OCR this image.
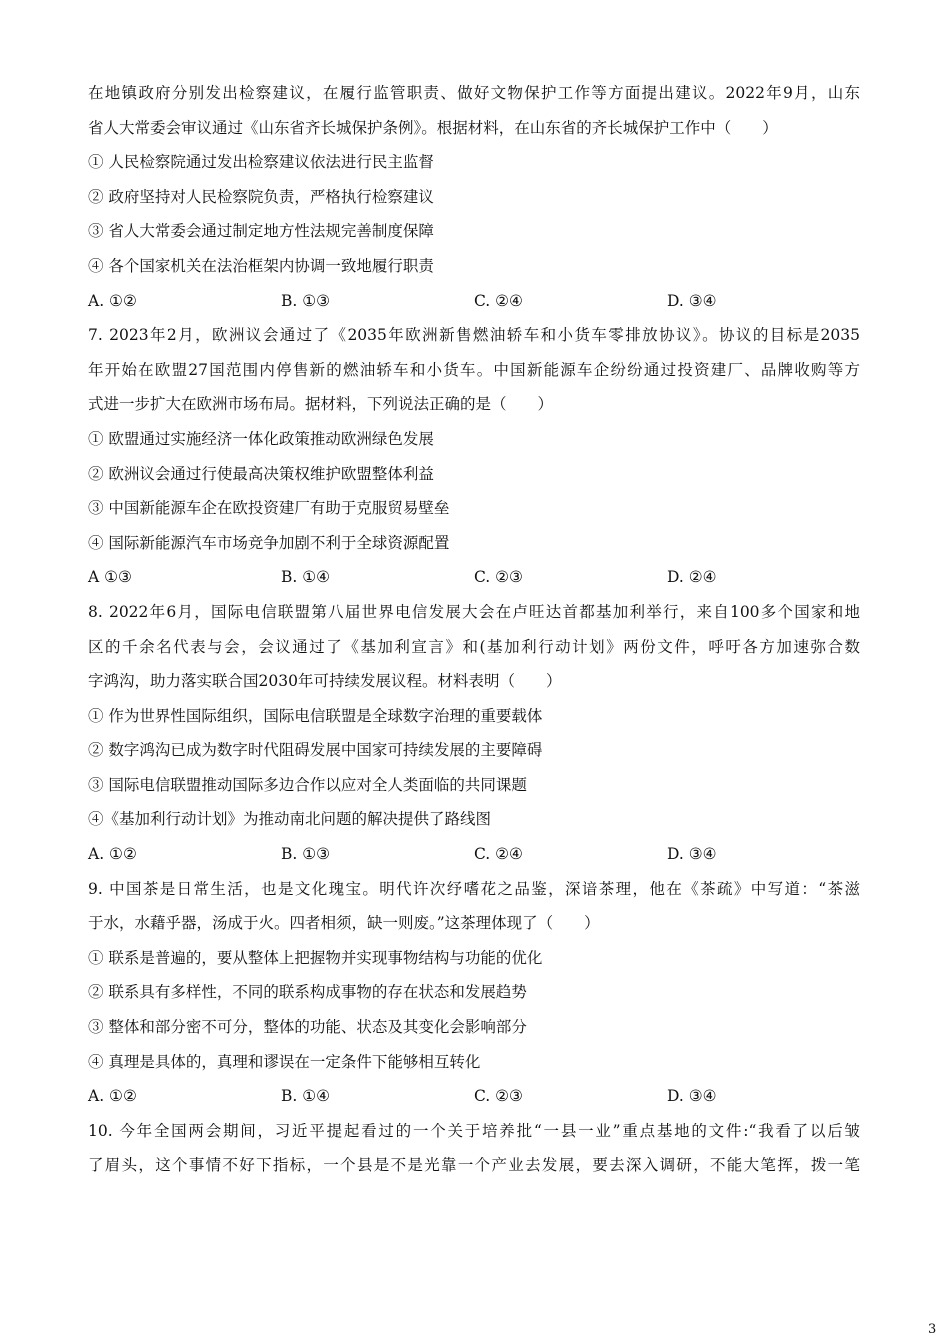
在地镇政府分别发出检察建议，在履行监管职责、做好文物保护工作等方面提出建议。2022年9月，山东
省人大常委会审议通过《山东省齐长城保护条例》。根据材料，在山东省的齐长城保护工作中（　　）
① 人民检察院通过发出检察建议依法进行民主监督
② 政府坚持对人民检察院负责，严格执行检察建议
③ 省人大常委会通过制定地方性法规完善制度保障
④ 各个国家机关在法治框架内协调一致地履行职责
A. ①②	B. ①③	C. ②④	D. ③④
7. 2023年2月，欧洲议会通过了《2035年欧洲新售燃油轿车和小货车零排放协议》。协议的目标是2035
年开始在欧盟27国范围内停售新的燃油轿车和小货车。中国新能源车企纷纷通过投资建厂、品牌收购等方
式进一步扩大在欧洲市场布局。据材料，下列说法正确的是（　　）
① 欧盟通过实施经济一体化政策推动欧洲绿色发展
② 欧洲议会通过行使最高决策权维护欧盟整体利益
③ 中国新能源车企在欧投资建厂有助于克服贸易壁垒
④ 国际新能源汽车市场竞争加剧不利于全球资源配置
A ①③	B. ①④	C. ②③	D. ②④
8. 2022年6月，国际电信联盟第八届世界电信发展大会在卢旺达首都基加利举行，来自100多个国家和地
区的千余名代表与会，会议通过了《基加利宣言》和(基加利行动计划》两份文件，呼吁各方加速弥合数
字鸿沟，助力落实联合国2030年可持续发展议程。材料表明（　　）
① 作为世界性国际组织，国际电信联盟是全球数字治理的重要载体
② 数字鸿沟已成为数字时代阻碍发展中国家可持续发展的主要障碍
③ 国际电信联盟推动国际多边合作以应对全人类面临的共同课题
④《基加利行动计划》为推动南北问题的解决提供了路线图
A. ①②	B. ①③	C. ②④	D. ③④
9. 中国茶是日常生活，也是文化瑰宝。明代许次纾嗜花之品鉴，深谙茶理，他在《茶疏》中写道：“茶滋
于水，水藉乎器，汤成于火。四者相须，缺一则废。”这茶理体现了（　　）
① 联系是普遍的，要从整体上把握物并实现事物结构与功能的优化
② 联系具有多样性，不同的联系构成事物的存在状态和发展趋势
③ 整体和部分密不可分，整体的功能、状态及其变化会影响部分
④ 真理是具体的，真理和谬误在一定条件下能够相互转化
A. ①②	B. ①④	C. ②③	D. ③④
10. 今年全国两会期间，习近平提起看过的一个关于培养批“一县一业”重点基地的文件:“我看了以后皱
了眉头，这个事情不好下指标，一个县是不是光靠一个产业去发展，要去深入调研，不能大笔挥，拨一笔
3
